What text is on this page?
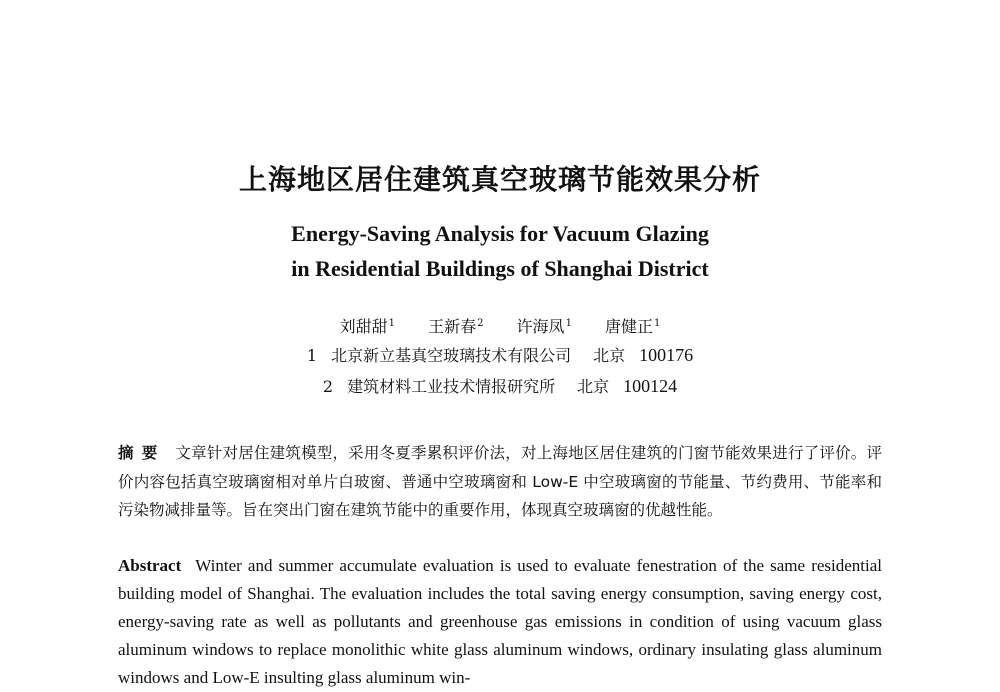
上海地区居住建筑真空玻璃节能效果分析
Energy-Saving Analysis for Vacuum Glazing
in Residential Buildings of Shanghai District
刘甜甜$^1$ 王新春$^2$ 许海凤$^1$ 唐健正$^1$
1 北京新立基真空玻璃技术有限公司 北京 100176
2 建筑材料工业技术情报研究所 北京 100124
摘要 文章针对居住建筑模型，采用冬夏季累积评价法，对上海地区居住建筑的门窗节能效果进行了评价。评价内容包括真空玻璃窗相对单片白玻窗、普通中空玻璃窗和 Low-E 中空玻璃窗的节能量、节约费用、节能率和污染物减排量等。旨在突出门窗在建筑节能中的重要作用，体现真空玻璃窗的优越性能。
Abstract Winter and summer accumulate evaluation is used to evaluate fenestration of the same residential building model of Shanghai. The evaluation includes the total saving energy consumption, saving energy cost, energy-saving rate as well as pollutants and greenhouse gas emissions in condition of using vacuum glass aluminum windows to replace monolithic white glass aluminum windows, ordinary insulating glass aluminum windows and Low-E insulting glass aluminum win-
